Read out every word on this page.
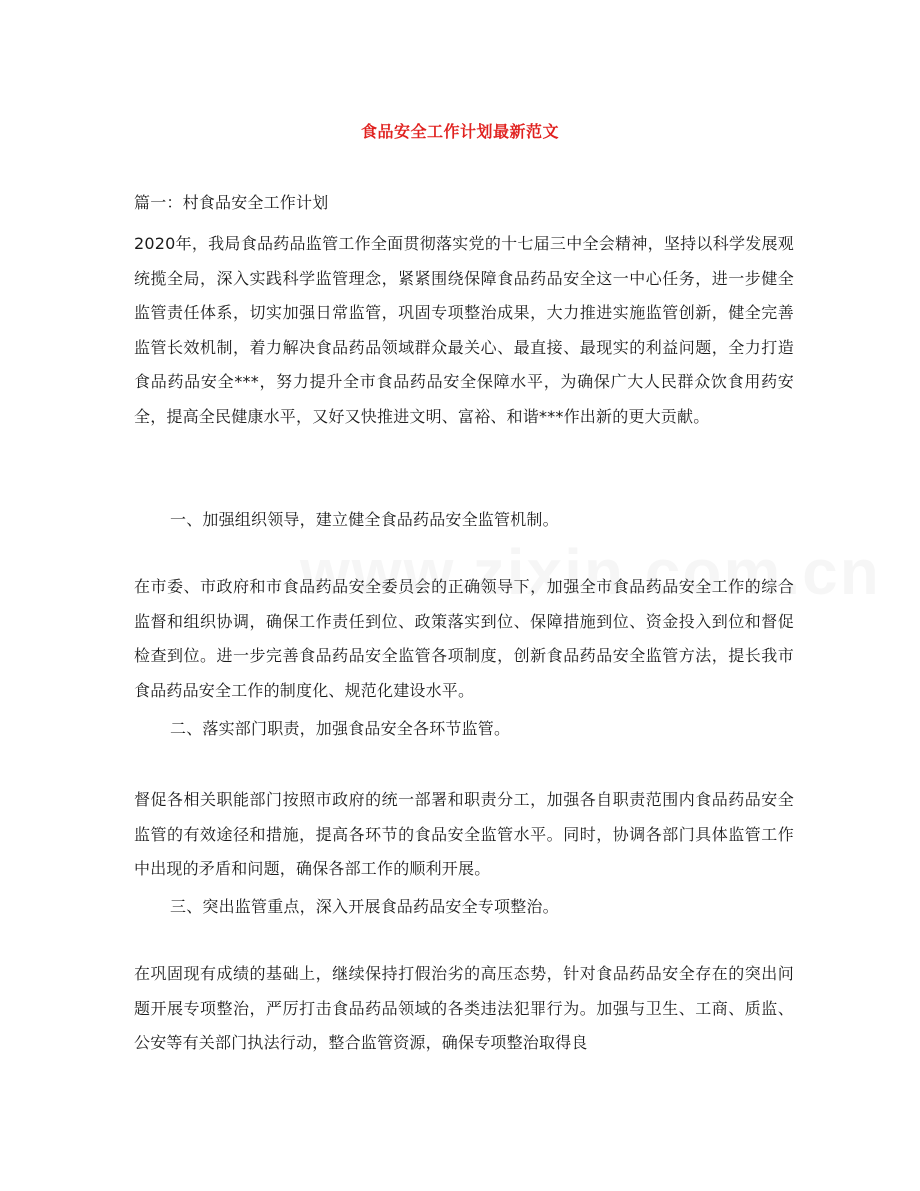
食品安全工作计划最新范文
篇一：村食品安全工作计划
2020年，我局食品药品监管工作全面贯彻落实党的十七届三中全会精神，坚持以科学发展观统揽全局，深入实践科学监管理念，紧紧围绕保障食品药品安全这一中心任务，进一步健全监管责任体系，切实加强日常监管，巩固专项整治成果，大力推进实施监管创新，健全完善监管长效机制，着力解决食品药品领域群众最关心、最直接、最现实的利益问题，全力打造食品药品安全***，努力提升全市食品药品安全保障水平，为确保广大人民群众饮食用药安全，提高全民健康水平，又好又快推进文明、富裕、和谐***作出新的更大贡献。
一、加强组织领导，建立健全食品药品安全监管机制。
在市委、市政府和市食品药品安全委员会的正确领导下，加强全市食品药品安全工作的综合监督和组织协调，确保工作责任到位、政策落实到位、保障措施到位、资金投入到位和督促检查到位。进一步完善食品药品安全监管各项制度，创新食品药品安全监管方法，提长我市食品药品安全工作的制度化、规范化建设水平。
二、落实部门职责，加强食品安全各环节监管。
督促各相关职能部门按照市政府的统一部署和职责分工，加强各自职责范围内食品药品安全监管的有效途径和措施，提高各环节的食品安全监管水平。同时，协调各部门具体监管工作中出现的矛盾和问题，确保各部工作的顺利开展。
三、突出监管重点，深入开展食品药品安全专项整治。
在巩固现有成绩的基础上，继续保持打假治劣的高压态势，针对食品药品安全存在的突出问题开展专项整治，严厉打击食品药品领域的各类违法犯罪行为。加强与卫生、工商、质监、公安等有关部门执法行动，整合监管资源，确保专项整治取得良
